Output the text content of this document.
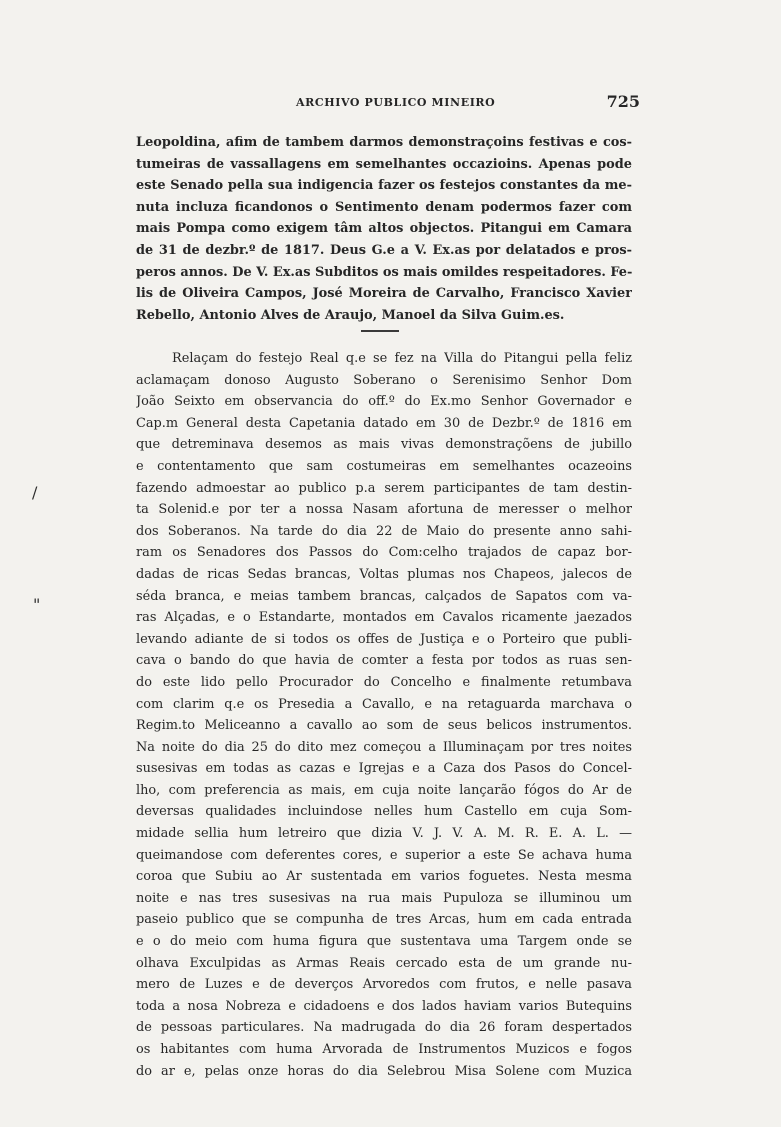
ARCHIVO PUBLICO MINEIRO	725
Leopoldina, afim de tambem darmos demonstraçoins festivas e cos-
tumeiras de vassallagens em semelhantes occazioins. Apenas pode
este Senado pella sua indigencia fazer os festejos constantes da me-
nuta incluza ficandonos o Sentimento denam podermos fazer com
mais Pompa como exigem tâm altos objectos. Pitangui em Camara
de 31 de dezbr.º de 1817. Deus G.e a V. Ex.as por delatados e pros-
peros annos. De V. Ex.as Subditos os mais omildes respeitadores. Fe-
lis de Oliveira Campos, José Moreira de Carvalho, Francisco Xavier
Rebello, Antonio Alves de Araujo, Manoel da Silva Guim.es.
Relaçam do festejo Real q.e se fez na Villa do Pitangui pella feliz
aclamaçam donoso Augusto Soberano o Serenisimo Senhor Dom
João Seixto em observancia do off.º do Ex.mo Senhor Governador e
Cap.m General desta Capetania datado em 30 de Dezbr.º de 1816 em
que detreminava desemos as mais vivas demonstraçõens de jubillo
e contentamento que sam costumeiras em semelhantes ocazeoins
fazendo admoestar ao publico p.a serem participantes de tam destin-
ta Solenid.e por ter a nossa Nasam afortuna de meresser o melhor
dos Soberanos. Na tarde do dia 22 de Maio do presente anno sahi-
ram os Senadores dos Passos do Com:celho trajados de capaz bor-
dadas de ricas Sedas brancas, Voltas plumas nos Chapeos, jalecos de
séda branca, e meias tambem brancas, calçados de Sapatos com va-
ras Alçadas, e o Estandarte, montados em Cavalos ricamente jaezados
levando adiante de si todos os offes de Justiça e o Porteiro que publi-
cava o bando do que havia de comter a festa por todos as ruas sen-
do este lido pello Procurador do Concelho e finalmente retumbava
com clarim q.e os Presedia a Cavallo, e na retaguarda marchava o
Regim.to Meliceanno a cavallo ao som de seus belicos instrumentos.
Na noite do dia 25 do dito mez começou a Illuminaçam por tres noites
susesivas em todas as cazas e Igrejas e a Caza dos Pasos do Concel-
lho, com preferencia as mais, em cuja noite lançarão fógos do Ar de
deversas qualidades incluindose nelles hum Castello em cuja Som-
midade sellia hum letreiro que dizia V. J. V. A. M. R. E. A. L. —
queimandose com deferentes cores, e superior a este Se achava huma
coroa que Subiu ao Ar sustentada em varios foguetes. Nesta mesma
noite e nas tres susesivas na rua mais Pupuloza se illuminou um
paseio publico que se compunha de tres Arcas, hum em cada entrada
e o do meio com huma figura que sustentava uma Targem onde se
olhava Exculpidas as Armas Reais cercado esta de um grande nu-
mero de Luzes e de deverços Arvoredos com frutos, e nelle pasava
toda a nosa Nobreza e cidadoens e dos lados haviam varios Butequins
de pessoas particulares. Na madrugada do dia 26 foram despertados
os habitantes com huma Arvorada de Instrumentos Muzicos e fogos
do ar e, pelas onze horas do dia Selebrou Misa Solene com Muzica
/
"
